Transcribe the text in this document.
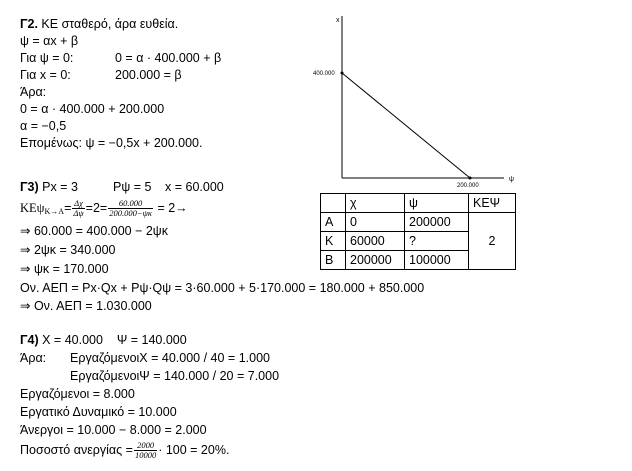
Γ2. ΚΕ σταθερό, άρα ευθεία.
ψ = αx + β
Για ψ = 0:	0 = α · 400.000 + β
Για x = 0:	200.000 = β
Άρα:
0 = α · 400.000 + 200.000
α = −0,5
Επομένως: ψ = −0,5x + 200.000.
x
ψ
400.000
200.000
Γ3) Px = 3	Pψ = 5 x = 60.000
$KE\psi_{K\to A}= \frac{\Delta\chi}{\Delta\psi} =2= \frac{60.000}{200.000-\psi\kappa} = 2\to$
⇒ 60.000 = 400.000 − 2ψκ
⇒ 2ψκ = 340.000
⇒ ψκ = 170.000
Ον. ΑΕΠ = Px·Qx + Pψ·Qψ = 3·60.000 + 5·170.000 = 180.000 + 850.000
⇒ Ον. ΑΕΠ = 1.030.000
	χ	ψ	ΚΕΨ
Α	0	200000	2
Κ	60000	?	
Β	200000	100000	
Γ4) Χ = 40.000    Ψ = 140.000
Άρα: ΕργαζόμενοιΧ = 40.000 / 40 = 1.000
ΕργαζόμενοιΨ = 140.000 / 20 = 7.000
Εργαζόμενοι = 8.000
Εργατικό Δυναμικό = 10.000
Άνεργοι = 10.000 − 8.000 = 2.000
Ποσοστό $\alpha\nu\varepsilon\rho\gamma ί\alpha\varsigma = \frac{2000}{10000} \cdot 100 = 20\%$.
